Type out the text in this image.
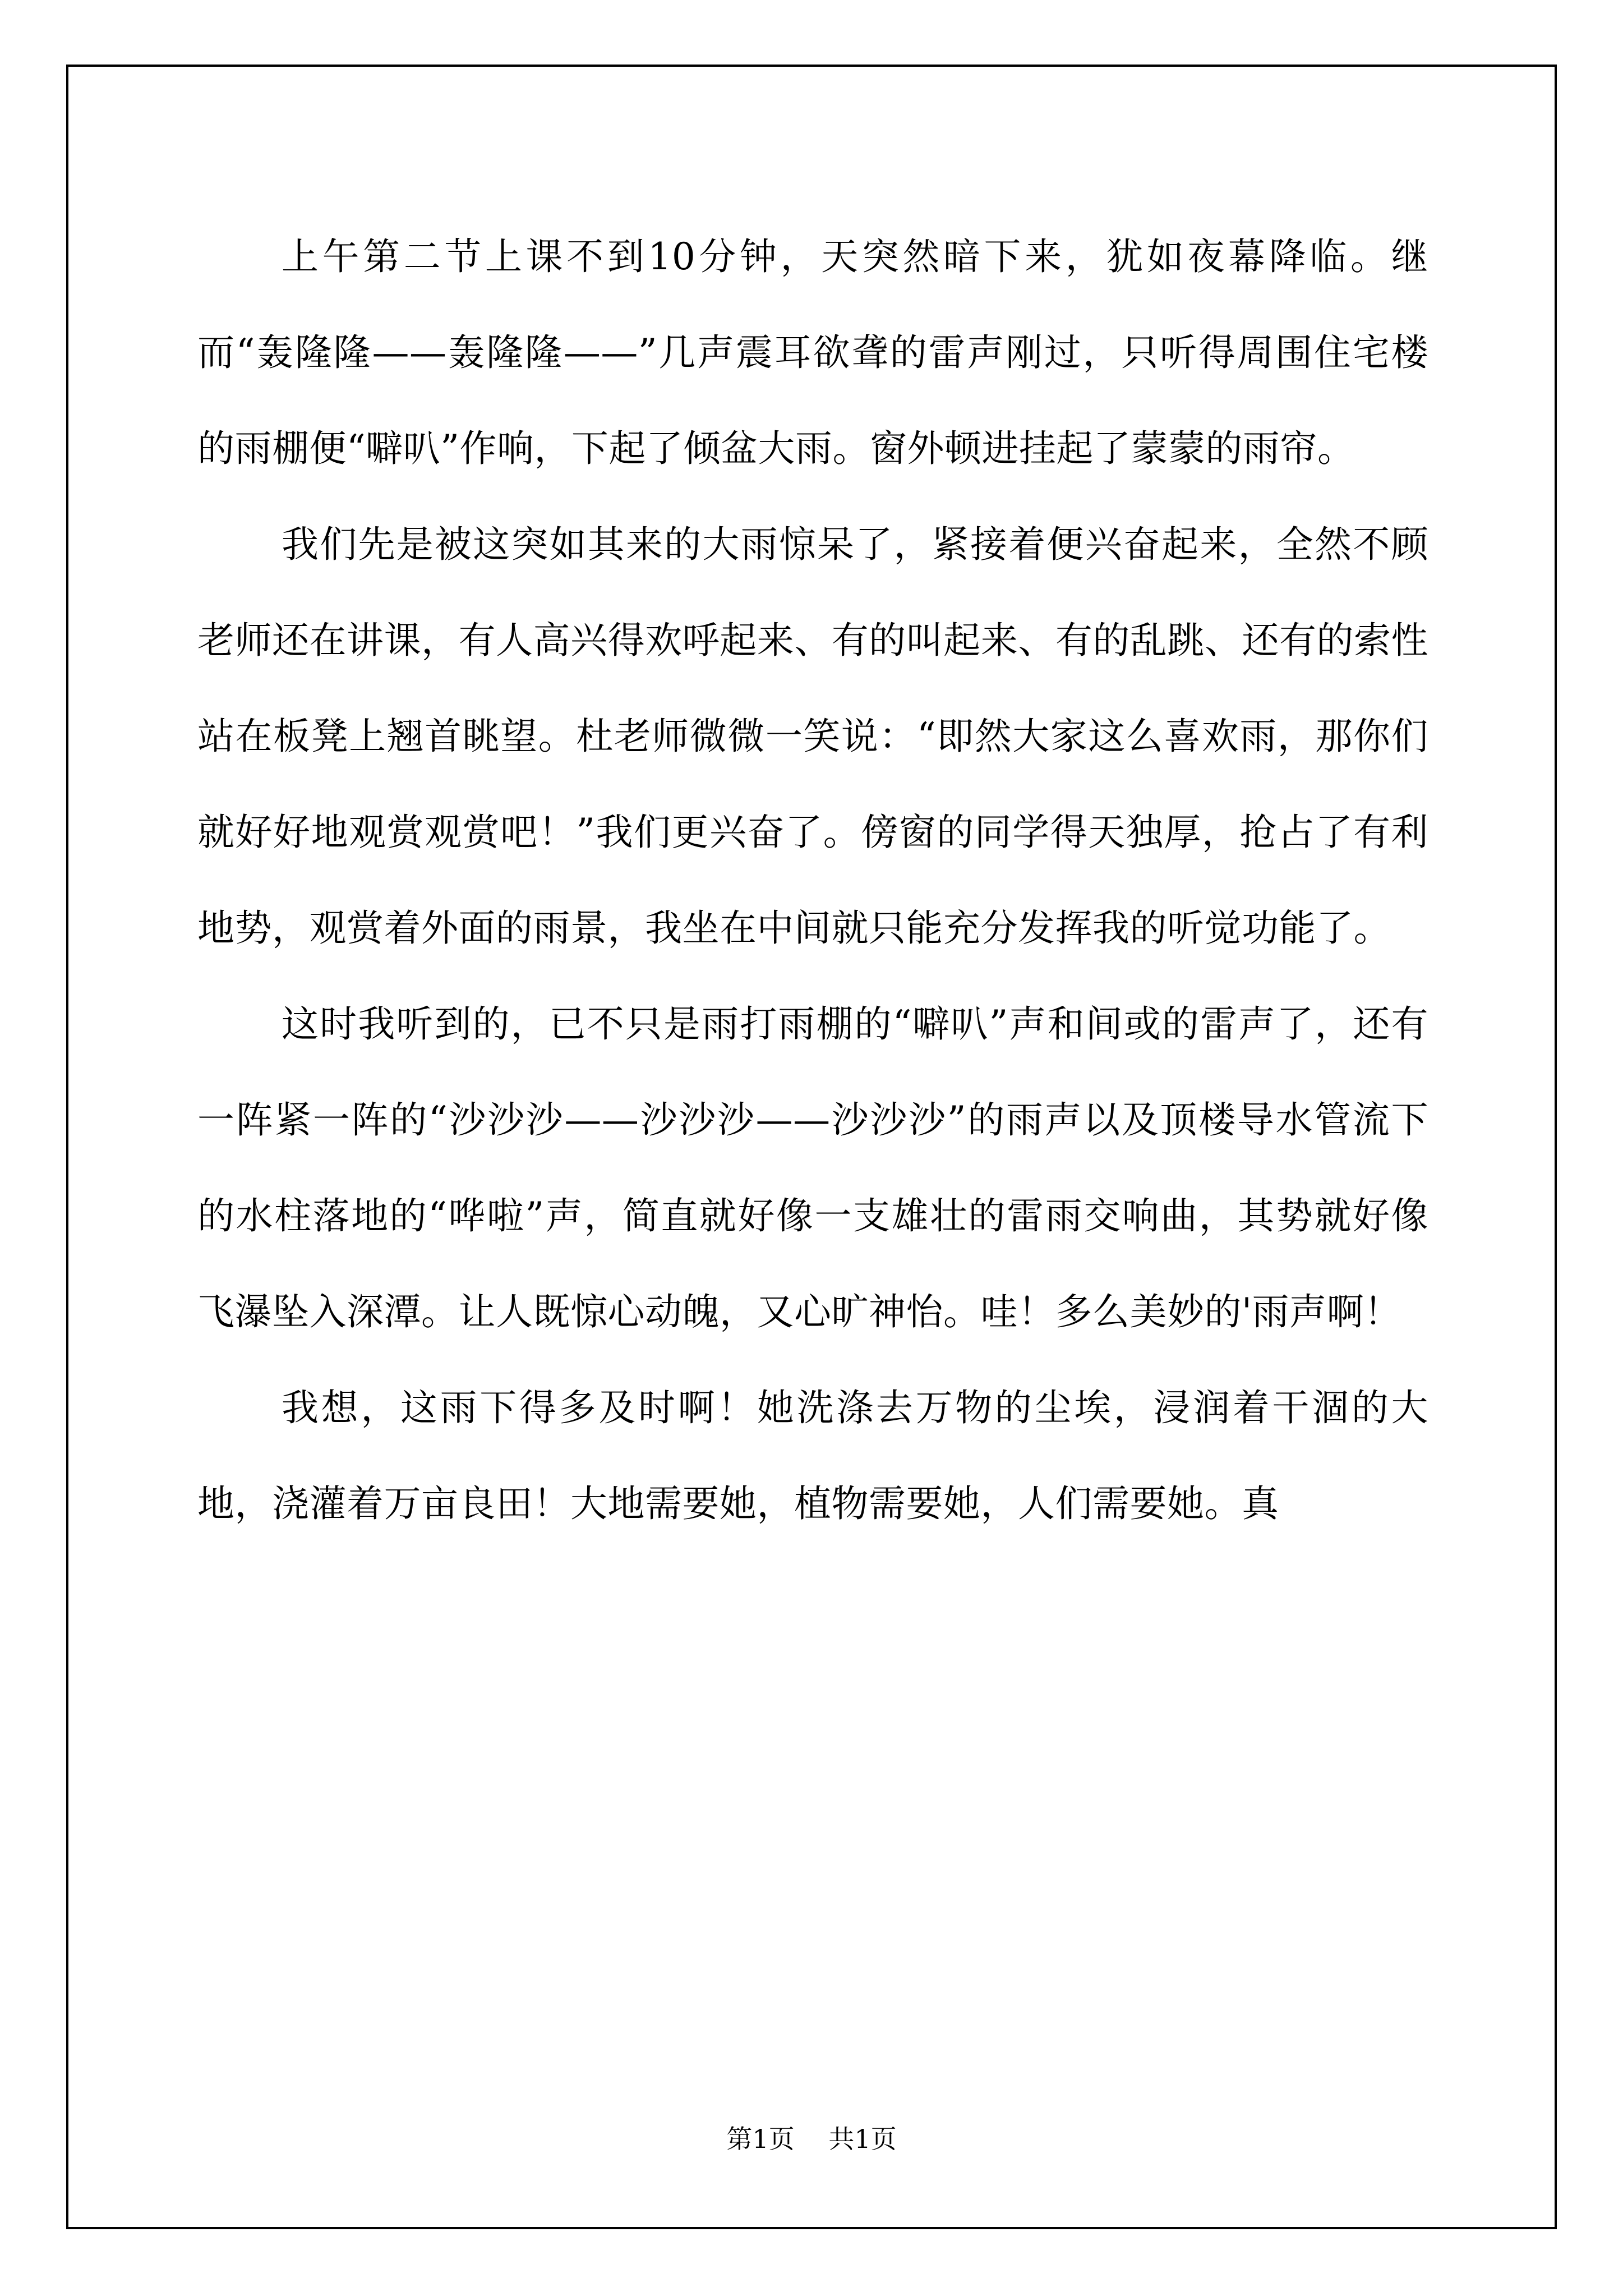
上午第二节上课不到10分钟，天突然暗下来，犹如夜幕降临。继而“轰隆隆——轰隆隆——”几声震耳欲聋的雷声刚过，只听得周围住宅楼的雨棚便“噼叭”作响，下起了倾盆大雨。窗外顿进挂起了蒙蒙的雨帘。

我们先是被这突如其来的大雨惊呆了，紧接着便兴奋起来，全然不顾老师还在讲课，有人高兴得欢呼起来、有的叫起来、有的乱跳、还有的索性站在板凳上翘首眺望。杜老师微微一笑说：“即然大家这么喜欢雨，那你们就好好地观赏观赏吧！”我们更兴奋了。傍窗的同学得天独厚，抢占了有利地势，观赏着外面的雨景，我坐在中间就只能充分发挥我的听觉功能了。

这时我听到的，已不只是雨打雨棚的“噼叭”声和间或的雷声了，还有一阵紧一阵的“沙沙沙——沙沙沙——沙沙沙”的雨声以及顶楼导水管流下的水柱落地的“哗啦”声，简直就好像一支雄壮的雷雨交响曲，其势就好像飞瀑坠入深潭。让人既惊心动魄，又心旷神怡。哇！多么美妙的'雨声啊！

我想，这雨下得多及时啊！她洗涤去万物的尘埃，浸润着干涸的大地，浇灌着万亩良田！大地需要她，植物需要她，人们需要她。真

第1页 共1页
